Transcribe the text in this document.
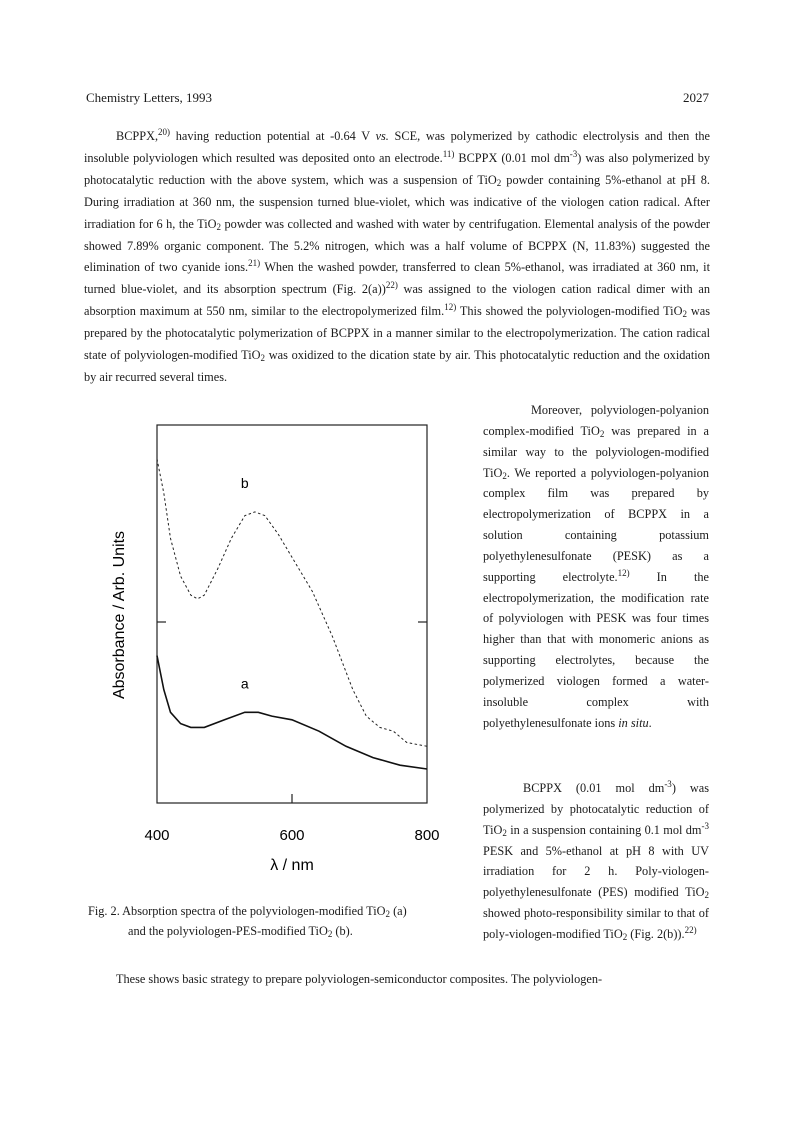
Chemistry Letters, 1993	2027

BCPPX,$^{20)}$ having reduction potential at -0.64 V vs. SCE, was polymerized by cathodic electrolysis and then the insoluble polyviologen which resulted was deposited onto an electrode.$^{11)}$ BCPPX (0.01 mol $dm^{-3}$) was also polymerized by photocatalytic reduction with the above system, which was a suspension of TiO$_2$ powder containing 5%-ethanol at pH 8. During irradiation at 360 nm, the suspension turned blue-violet, which was indicative of the viologen cation radical. After irradiation for 6 h, the TiO$_2$ powder was collected and washed with water by centrifugation. Elemental analysis of the powder showed 7.89% organic component. The 5.2% nitrogen, which was a half volume of BCPPX (N, 11.83%) suggested the elimination of two cyanide ions.$^{21)}$ When the washed powder, transferred to clean 5%-ethanol, was irradiated at 360 nm, it turned blue-violet, and its absorption spectrum (Fig. 2(a))$^{22)}$ was assigned to the viologen cation radical dimer with an absorption maximum at 550 nm, similar to the electropolymerized film.$^{12)}$ This showed the polyviologen-modified TiO$_2$ was prepared by the photocatalytic polymerization of BCPPX in a manner similar to the electropolymerization. The cation radical state of polyviologen-modified TiO$_2$ was oxidized to the dication state by air. This photocatalytic reduction and the oxidation by air recurred several times.

Moreover, polyviologen-polyanion complex-modified TiO$_2$ was prepared in a similar way to the polyviologen-modified TiO$_2$. We reported a polyviologen-polyanion complex film was prepared by electropolymerization of BCPPX in a solution containing potassium polyethylenesulfonate (PESK) as a supporting electrolyte.$^{12)}$ In the electropolymerization, the modification rate of polyviologen with PESK was four times higher than that with monomeric anions as supporting electrolytes, because the polymerized viologen formed a water-insoluble complex with polyethylenesulfonate ions in situ.

BCPPX (0.01 mol $dm^{-3}$) was polymerized by photocatalytic reduction of TiO$_2$ in a suspension containing 0.1 mol $dm^{-3}$ PESK and 5%-ethanol at pH 8 with UV irradiation for 2 h. Poly-viologen-polyethylenesulfonate (PES) modified TiO$_2$ showed photo-responsibility similar to that of poly-viologen-modified TiO$_2$ (Fig. 2(b)).$^{22)}$

These shows basic strategy to prepare polyviologen-semiconductor composites. The polyviologen-

a
b
400	600	800
λ / nm
Absorbance / Arb. Units

Fig. 2. Absorption spectra of the polyviologen-modified TiO$_2$ (a)
and the polyviologen-PES-modified TiO$_2$ (b).
